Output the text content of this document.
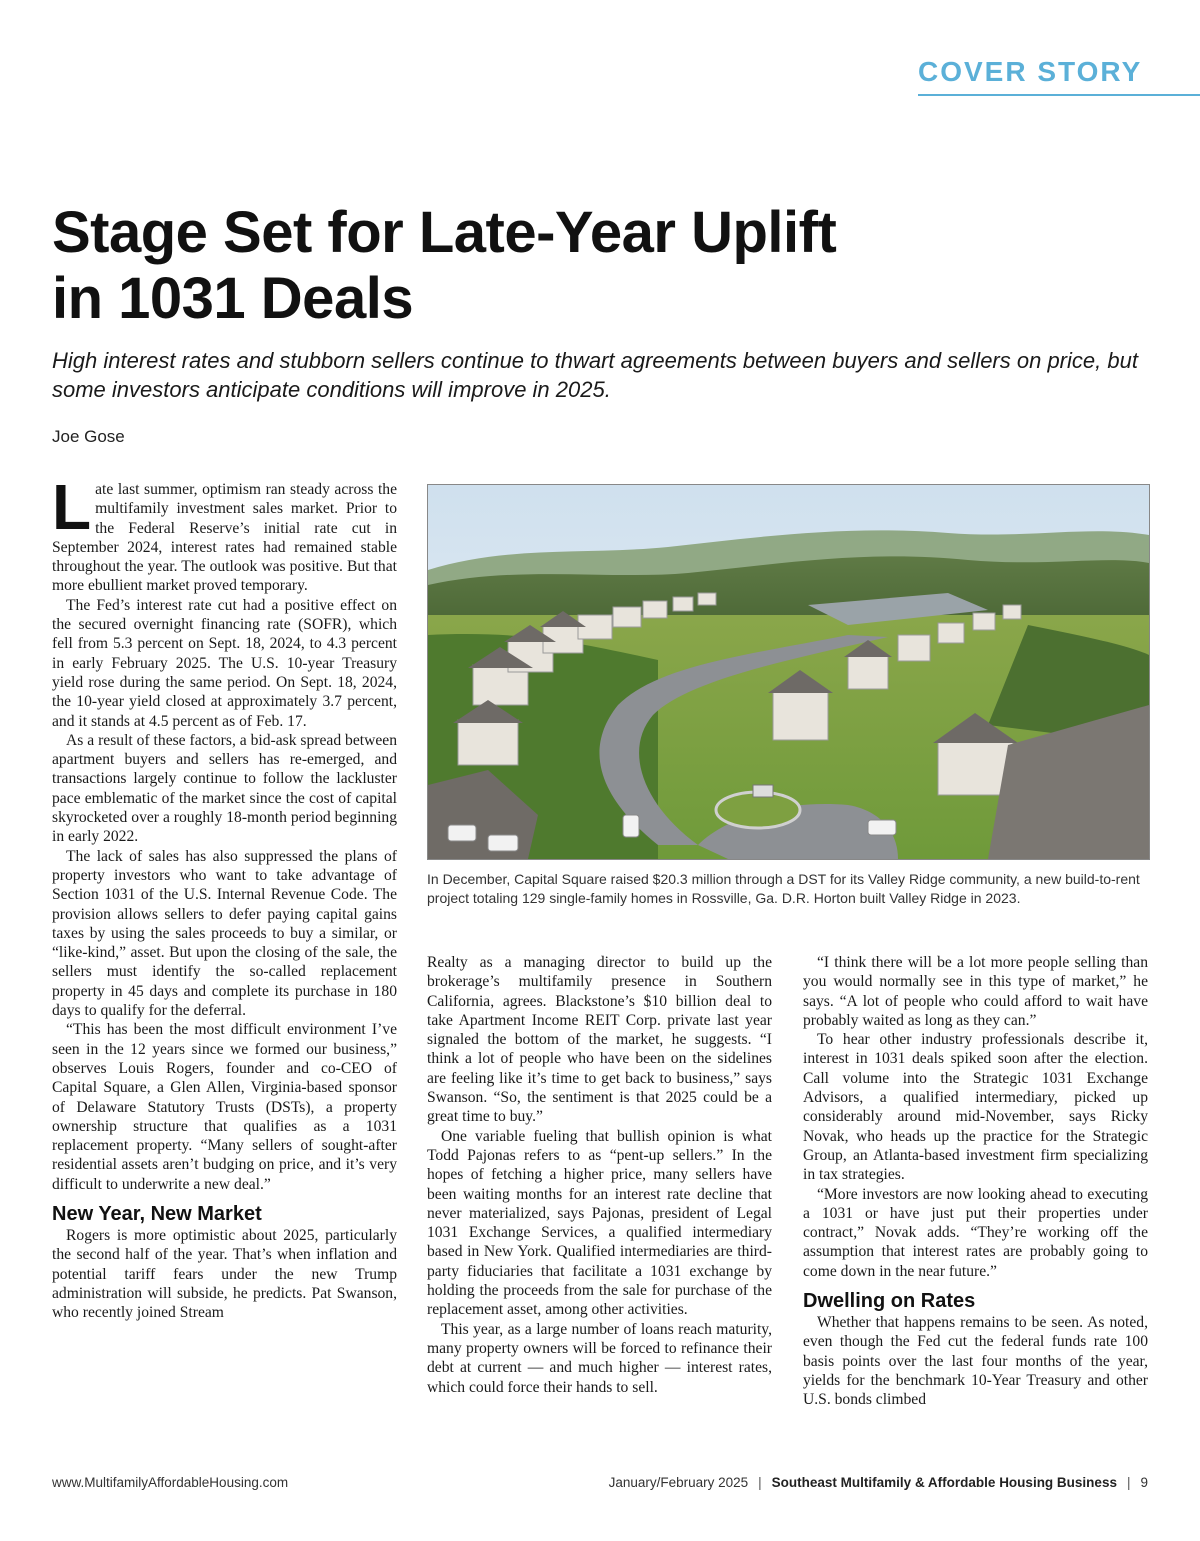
COVER STORY
Stage Set for Late-Year Uplift
in 1031 Deals

High interest rates and stubborn sellers continue to thwart agreements between buyers and sellers on price, but some investors anticipate conditions will improve in 2025.

Joe Gose

Late last summer, optimism ran steady across the multifamily investment sales market. Prior to the Federal Reserve’s initial rate cut in September 2024, interest rates had remained stable throughout the year. The outlook was positive. But that more ebullient market proved temporary.

The Fed’s interest rate cut had a positive effect on the secured overnight financing rate (SOFR), which fell from 5.3 percent on Sept. 18, 2024, to 4.3 percent in early February 2025. The U.S. 10-year Treasury yield rose during the same period. On Sept. 18, 2024, the 10-year yield closed at approximately 3.7 percent, and it stands at 4.5 percent as of Feb. 17.

As a result of these factors, a bid-ask spread between apartment buyers and sellers has re-emerged, and transactions largely continue to follow the lackluster pace emblematic of the market since the cost of capital skyrocketed over a roughly 18-month period beginning in early 2022.

The lack of sales has also suppressed the plans of property investors who want to take advantage of Section 1031 of the U.S. Internal Revenue Code. The provision allows sellers to defer paying capital gains taxes by using the sales proceeds to buy a similar, or “like-kind,” asset. But upon the closing of the sale, the sellers must identify the so-called replacement property in 45 days and complete its purchase in 180 days to qualify for the deferral.

“This has been the most difficult environment I’ve seen in the 12 years since we formed our business,” observes Louis Rogers, founder and co-CEO of Capital Square, a Glen Allen, Virginia-based sponsor of Delaware Statutory Trusts (DSTs), a property ownership structure that qualifies as a 1031 replacement property. “Many sellers of sought-after residential assets aren’t budging on price, and it’s very difficult to underwrite a new deal.”

New Year, New Market

Rogers is more optimistic about 2025, particularly the second half of the year. That’s when inflation and potential tariff fears under the new Trump administration will subside, he predicts. Pat Swanson, who recently joined Stream

In December, Capital Square raised $20.3 million through a DST for its Valley Ridge community, a new build-to-rent project totaling 129 single-family homes in Rossville, Ga. D.R. Horton built Valley Ridge in 2023.

Realty as a managing director to build up the brokerage’s multifamily presence in Southern California, agrees. Blackstone’s $10 billion deal to take Apartment Income REIT Corp. private last year signaled the bottom of the market, he suggests. “I think a lot of people who have been on the sidelines are feeling like it’s time to get back to business,” says Swanson. “So, the sentiment is that 2025 could be a great time to buy.”

One variable fueling that bullish opinion is what Todd Pajonas refers to as “pent-up sellers.” In the hopes of fetching a higher price, many sellers have been waiting months for an interest rate decline that never materialized, says Pajonas, president of Legal 1031 Exchange Services, a qualified intermediary based in New York. Qualified intermediaries are third-party fiduciaries that facilitate a 1031 exchange by holding the proceeds from the sale for purchase of the replacement asset, among other activities.

This year, as a large number of loans reach maturity, many property owners will be forced to refinance their debt at current — and much higher — interest rates, which could force their hands to sell.

“I think there will be a lot more people selling than you would normally see in this type of market,” he says. “A lot of people who could afford to wait have probably waited as long as they can.”

To hear other industry professionals describe it, interest in 1031 deals spiked soon after the election. Call volume into the Strategic 1031 Exchange Advisors, a qualified intermediary, picked up considerably around mid-November, says Ricky Novak, who heads up the practice for the Strategic Group, an Atlanta-based investment firm specializing in tax strategies.

“More investors are now looking ahead to executing a 1031 or have just put their properties under contract,” Novak adds. “They’re working off the assumption that interest rates are probably going to come down in the near future.”

Dwelling on Rates

Whether that happens remains to be seen. As noted, even though the Fed cut the federal funds rate 100 basis points over the last four months of the year, yields for the benchmark 10-Year Treasury and other U.S. bonds climbed

www.MultifamilyAffordableHousing.com	January/February 2025 | Southeast Multifamily & Affordable Housing Business | 9
